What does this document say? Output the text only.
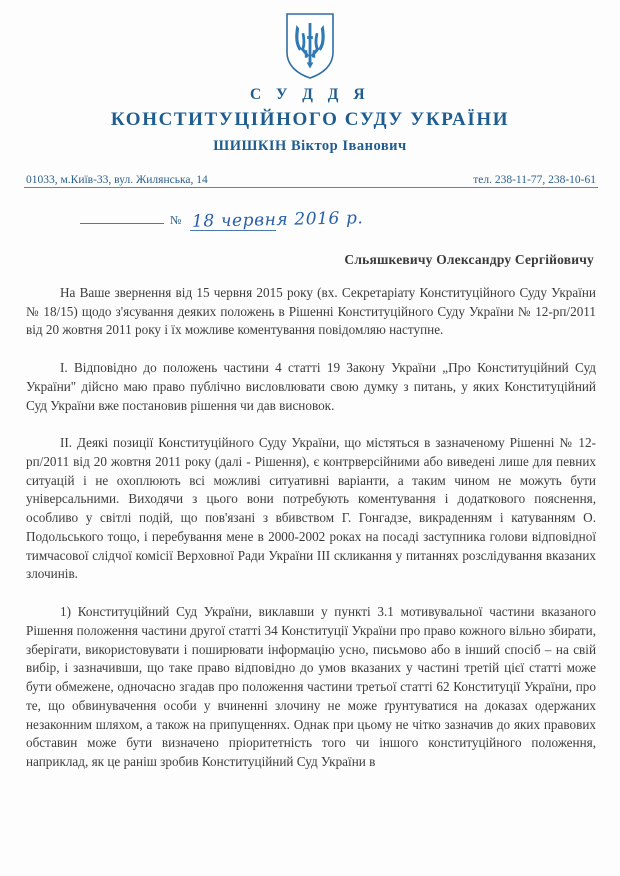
С У Д Д Я
КОНСТИТУЦІЙНОГО СУДУ УКРАЇНИ
ШИШКІН Віктор Іванович
01033, м.Київ-33, вул. Жилянська, 14	тел. 238-11-77, 238-10-61
№ 18 червня 2016 р.
Сльяшкевичу Олександру Сергійовичу

На Ваше звернення від 15 червня 2015 року (вх. Секретаріату Конституційного Суду України № 18/15) щодо з'ясування деяких положень в Рішенні Конституційного Суду України № 12-рп/2011 від 20 жовтня 2011 року і їх можливе коментування повідомляю наступне.

I. Відповідно до положень частини 4 статті 19 Закону України „Про Конституційний Суд України" дійсно маю право публічно висловлювати свою думку з питань, у яких Конституційний Суд України вже постановив рішення чи дав висновок.

II. Деякі позиції Конституційного Суду України, що містяться в зазначеному Рішенні № 12-рп/2011 від 20 жовтня 2011 року (далі - Рішення), є контрверсійними або виведені лише для певних ситуацій і не охоплюють всі можливі ситуативні варіанти, а таким чином не можуть бути універсальними. Виходячи з цього вони потребують коментування і додаткового пояснення, особливо у світлі подій, що пов'язані з вбивством Г. Гонгадзе, викраденням і катуванням О. Подольського тощо, і перебування мене в 2000-2002 роках на посаді заступника голови відповідної тимчасової слідчої комісії Верховної Ради України III скликання у питаннях розслідування вказаних злочинів.

1) Конституційний Суд України, виклавши у пункті 3.1 мотивувальної частини вказаного Рішення положення частини другої статті 34 Конституції України про право кожного вільно збирати, зберігати, використовувати і поширювати інформацію усно, письмово або в інший спосіб – на свій вибір, і зазначивши, що таке право відповідно до умов вказаних у частині третій цієї статті може бути обмежене, одночасно згадав про положення частини третьої статті 62 Конституції України, про те, що обвинувачення особи у вчиненні злочину не може ґрунтуватися на доказах одержаних незаконним шляхом, а також на припущеннях. Однак при цьому не чітко зазначив до яких правових обставин може бути визначено пріоритетність того чи іншого конституційного положення, наприклад, як це раніш зробив Конституційний Суд України в
